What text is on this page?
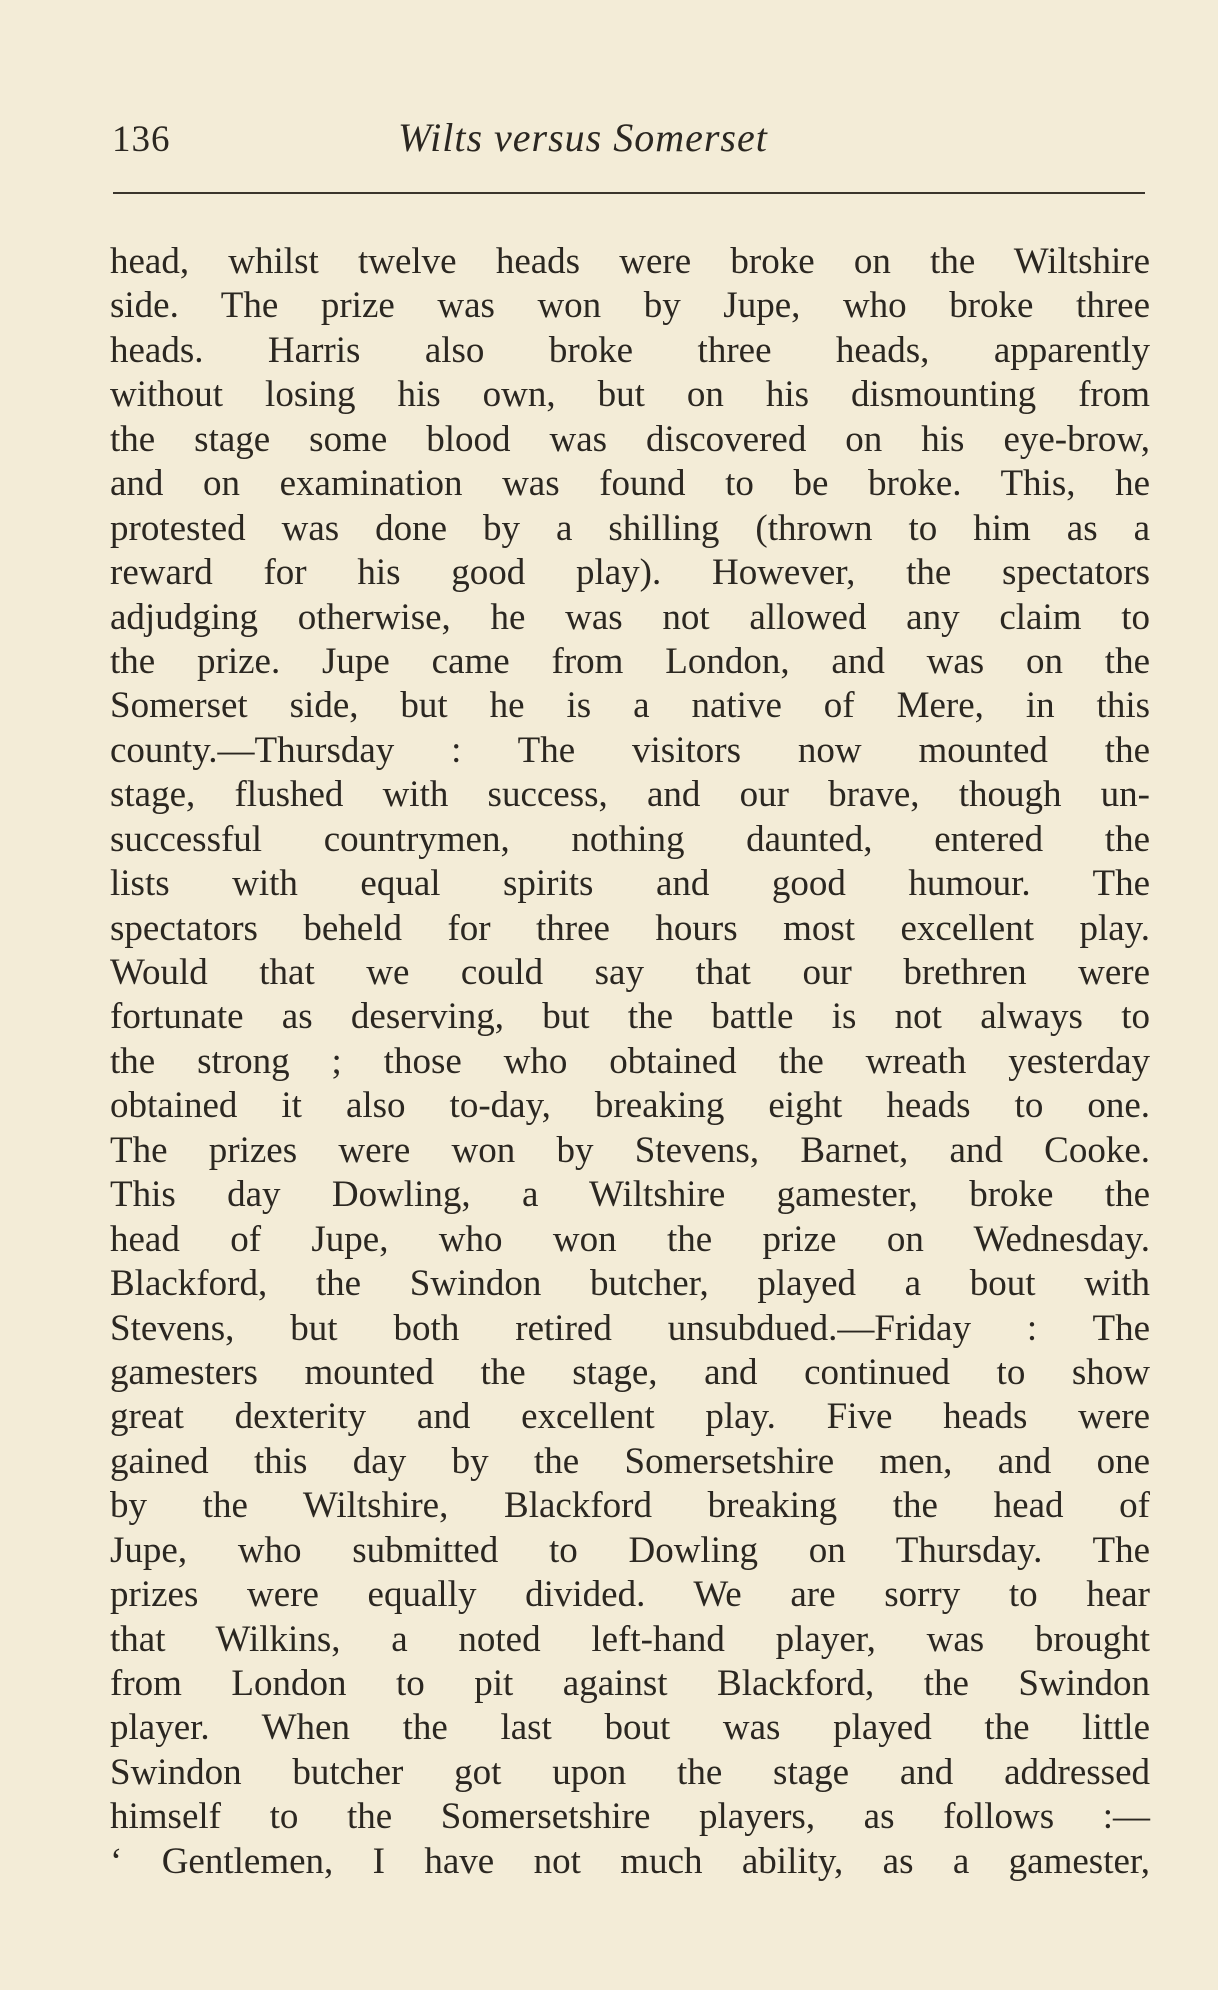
136	Wilts versus Somerset
head, whilst twelve heads were broke on the Wiltshire
side. The prize was won by Jupe, who broke three
heads. Harris also broke three heads, apparently
without losing his own, but on his dismounting from
the stage some blood was discovered on his eye-brow,
and on examination was found to be broke. This, he
protested was done by a shilling (thrown to him as a
reward for his good play). However, the spectators
adjudging otherwise, he was not allowed any claim to
the prize. Jupe came from London, and was on the
Somerset side, but he is a native of Mere, in this
county.—Thursday : The visitors now mounted the
stage, flushed with success, and our brave, though un-
successful countrymen, nothing daunted, entered the
lists with equal spirits and good humour. The
spectators beheld for three hours most excellent play.
Would that we could say that our brethren were
fortunate as deserving, but the battle is not always to
the strong ; those who obtained the wreath yesterday
obtained it also to-day, breaking eight heads to one.
The prizes were won by Stevens, Barnet, and Cooke.
This day Dowling, a Wiltshire gamester, broke the
head of Jupe, who won the prize on Wednesday.
Blackford, the Swindon butcher, played a bout with
Stevens, but both retired unsubdued.—Friday : The
gamesters mounted the stage, and continued to show
great dexterity and excellent play. Five heads were
gained this day by the Somersetshire men, and one
by the Wiltshire, Blackford breaking the head of
Jupe, who submitted to Dowling on Thursday. The
prizes were equally divided. We are sorry to hear
that Wilkins, a noted left-hand player, was brought
from London to pit against Blackford, the Swindon
player. When the last bout was played the little
Swindon butcher got upon the stage and addressed
himself to the Somersetshire players, as follows :—
‘ Gentlemen, I have not much ability, as a gamester,
